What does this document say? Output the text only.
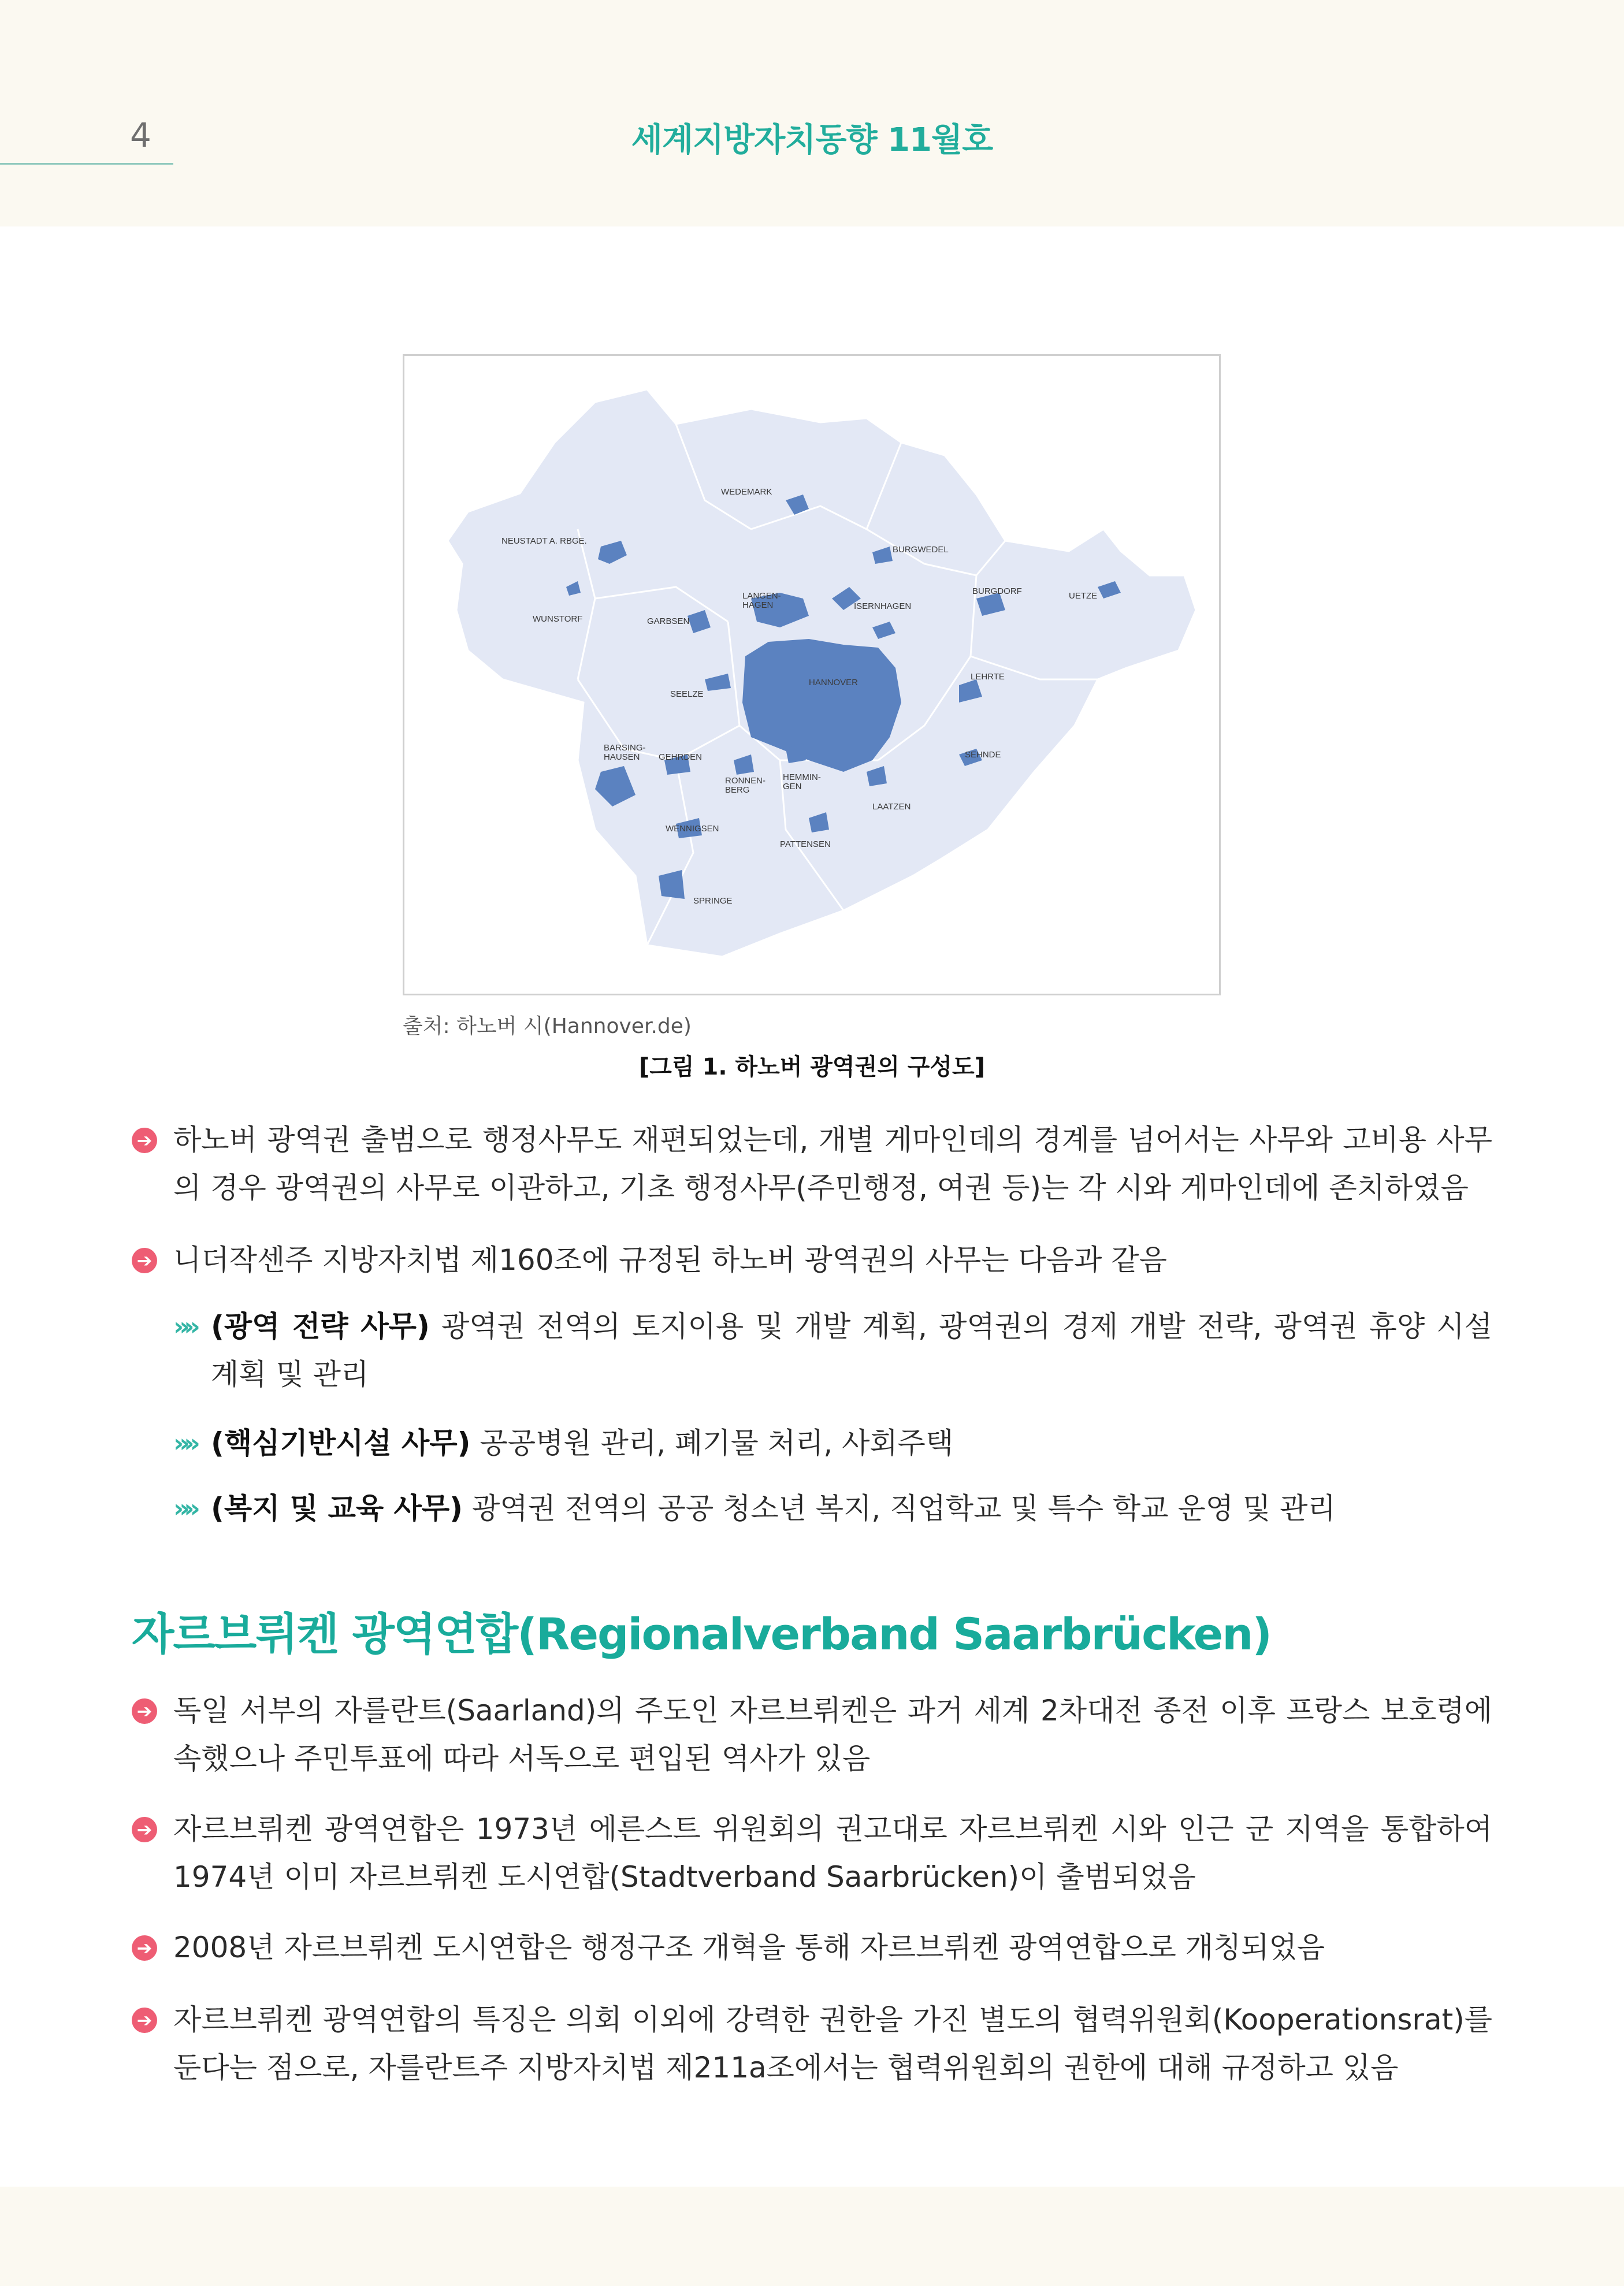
4	세계지방자치동향 11월호
WEDEMARK
NEUSTADT A. RBGE.
BURGWEDEL
LANGEN-
HAGEN	ISERNHAGEN
BURGDORF	UETZE
WUNSTORF	GARBSEN
HANNOVER
LEHRTE
SEELZE
BARSING-
HAUSEN GEHRDEN	SEHNDE
RONNEN-
BERG
HEMMIN-
GEN
LAATZEN
WENNIGSEN
PATTENSEN
SPRINGE
출처: 하노버 시(Hannover.de)
[그림 1. 하노버 광역권의 구성도]
➔ 하노버 광역권 출범으로 행정사무도 재편되었는데, 개별 게마인데의 경계를 넘어서는 사무와 고비용 사무의 경우 광역권의 사무로 이관하고, 기초 행정사무(주민행정, 여권 등)는 각 시와 게마인데에 존치하였음
➔ 니더작센주 지방자치법 제160조에 규정된 하노버 광역권의 사무는 다음과 같음
»» (광역 전략 사무) 광역권 전역의 토지이용 및 개발 계획, 광역권의 경제 개발 전략, 광역권 휴양 시설 계획 및 관리
»» (핵심기반시설 사무) 공공병원 관리, 폐기물 처리, 사회주택
»» (복지 및 교육 사무) 광역권 전역의 공공 청소년 복지, 직업학교 및 특수 학교 운영 및 관리
자르브뤼켄 광역연합(Regionalverband Saarbrücken)
➔ 독일 서부의 자를란트(Saarland)의 주도인 자르브뤼켄은 과거 세계 2차대전 종전 이후 프랑스 보호령에 속했으나 주민투표에 따라 서독으로 편입된 역사가 있음
➔ 자르브뤼켄 광역연합은 1973년 에른스트 위원회의 권고대로 자르브뤼켄 시와 인근 군 지역을 통합하여 1974년 이미 자르브뤼켄 도시연합(Stadtverband Saarbrücken)이 출범되었음
➔ 2008년 자르브뤼켄 도시연합은 행정구조 개혁을 통해 자르브뤼켄 광역연합으로 개칭되었음
➔ 자르브뤼켄 광역연합의 특징은 의회 이외에 강력한 권한을 가진 별도의 협력위원회(Kooperationsrat)를 둔다는 점으로, 자를란트주 지방자치법 제211a조에서는 협력위원회의 권한에 대해 규정하고 있음
